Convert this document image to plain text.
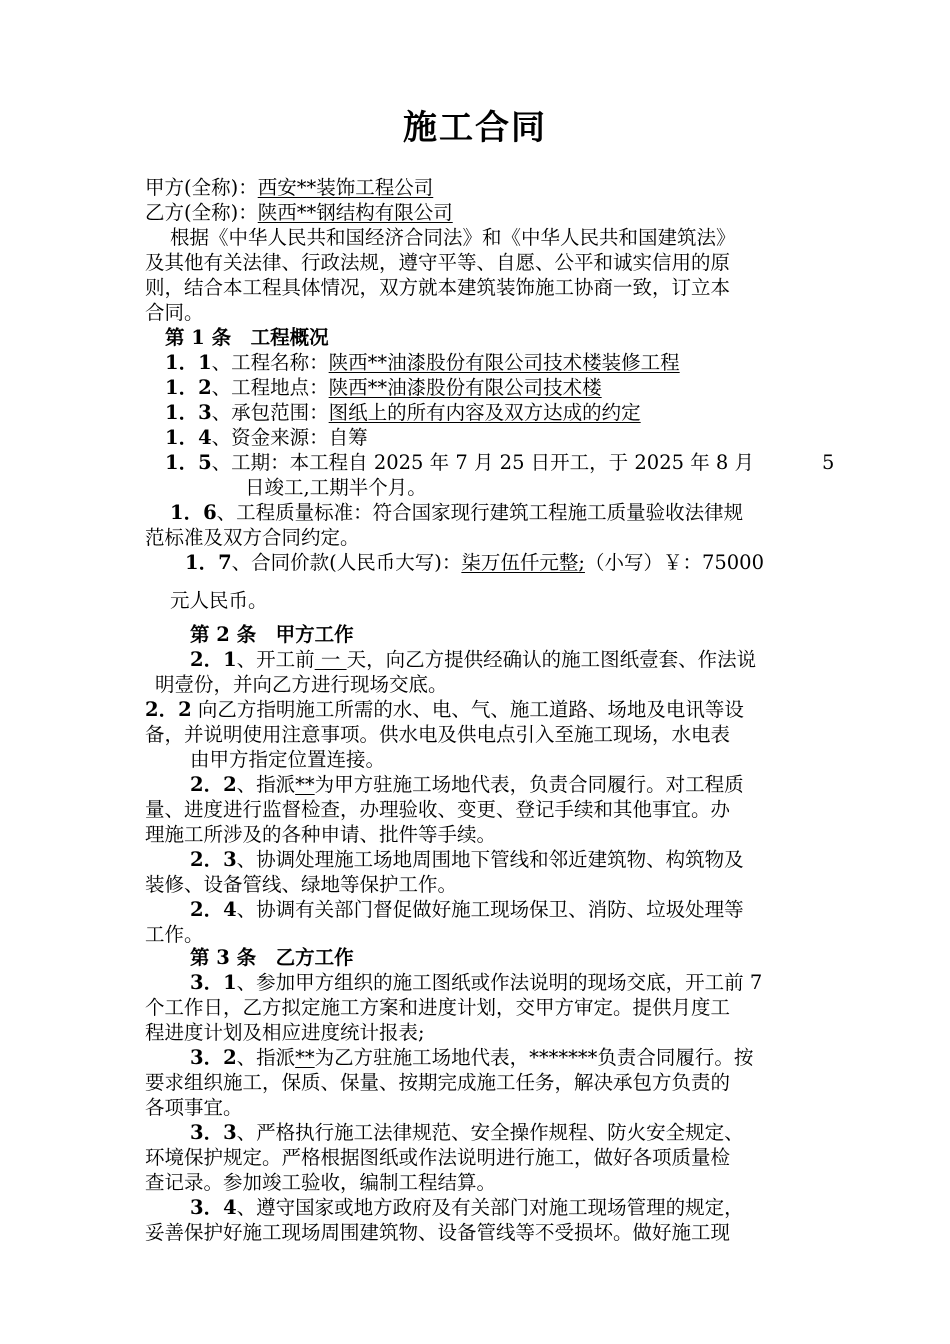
施工合同
甲方(全称)：西安**装饰工程公司
乙方(全称)：陕西**钢结构有限公司
根据《中华人民共和国经济合同法》和《中华人民共和国建筑法》
及其他有关法律、行政法规，遵守平等、自愿、公平和诚实信用的原
则，结合本工程具体情况，双方就本建筑装饰施工协商一致，订立本
合同。
第 1 条　工程概况
1．1、工程名称：陕西**油漆股份有限公司技术楼装修工程
1．2、工程地点：陕西**油漆股份有限公司技术楼
1．3、承包范围：图纸上的所有内容及双方达成的约定
1．4、资金来源：自筹
1．5、工期：本工程自 2025 年 7 月 25 日开工，于 2025 年 8 月	5
日竣工,工期半个月。
1．6、工程质量标准：符合国家现行建筑工程施工质量验收法律规
范标准及双方合同约定。
1．7、合同价款(人民币大写)：柒万伍仟元整;（小写）￥：75000
元人民币。
第 2 条　甲方工作
2．1、开工前 一 天，向乙方提供经确认的施工图纸壹套、作法说
明壹份，并向乙方进行现场交底。
2．2 向乙方指明施工所需的水、电、气、施工道路、场地及电讯等设
备，并说明使用注意事项。供水电及供电点引入至施工现场，水电表
由甲方指定位置连接。
2．2、指派**为甲方驻施工场地代表，负责合同履行。对工程质
量、进度进行监督检查，办理验收、变更、登记手续和其他事宜。办
理施工所涉及的各种申请、批件等手续。
2．3、协调处理施工场地周围地下管线和邻近建筑物、构筑物及
装修、设备管线、绿地等保护工作。
2．4、协调有关部门督促做好施工现场保卫、消防、垃圾处理等
工作。
第 3 条　乙方工作
3．1、参加甲方组织的施工图纸或作法说明的现场交底，开工前 7
个工作日，乙方拟定施工方案和进度计划，交甲方审定。提供月度工
程进度计划及相应进度统计报表;
3．2、指派**为乙方驻施工场地代表，*******负责合同履行。按
要求组织施工，保质、保量、按期完成施工任务，解决承包方负责的
各项事宜。
3．3、严格执行施工法律规范、安全操作规程、防火安全规定、
环境保护规定。严格根据图纸或作法说明进行施工，做好各项质量检
查记录。参加竣工验收，编制工程结算。
3．4、遵守国家或地方政府及有关部门对施工现场管理的规定，
妥善保护好施工现场周围建筑物、设备管线等不受损坏。做好施工现
